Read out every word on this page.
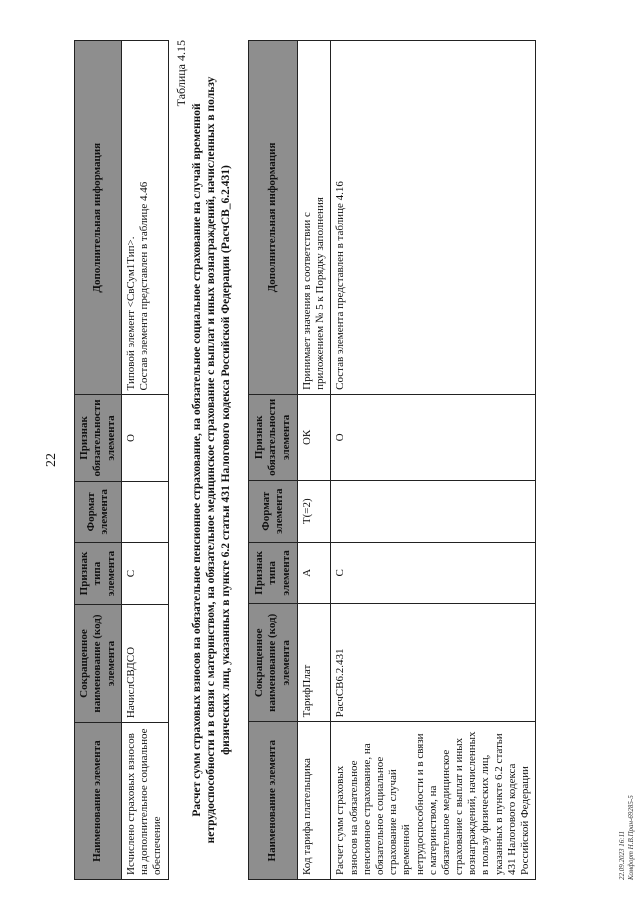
22
Наименование элемента	Сокращенное наименование (код) элемента	Признак типа элемента	Формат элемента	Признак обязательности элемента	Дополнительная информация
Исчислено страховых взносов на дополнительное социальное обеспечение	НачислСВДСО	С		О	Типовой элемент <СвСум1Тип>. Состав элемента представлен в таблице 4.46
Таблица 4.15
Расчет сумм страховых взносов на обязательное пенсионное страхование, на обязательное социальное страхование на случай временной нетрудоспособности и в связи с материнством, на обязательное медицинское страхование с выплат и иных вознаграждений, начисленных в пользу физических лиц, указанных в пункте 6.2 статьи 431 Налогового кодекса Российской Федерации (РасчСВ_6.2.431)
Наименование элемента	Сокращенное наименование (код) элемента	Признак типа элемента	Формат элемента	Признак обязательности элемента	Дополнительная информация
Код тарифа плательщика	ТарифПлат	А	Т(=2)	ОК	Принимает значения в соответствии с приложением № 5 к Порядку заполнения

Расчет сумм страховых взносов на обязательное пенсионное страхование, на обязательное социальное страхование на случай временной нетрудоспособности и в связи с материнством, на обязательное медицинское страхование с выплат и иных вознаграждений, начисленных в пользу физических лиц, указанных в пункте 6.2 статьи 431 Налогового кодекса Российской Федерации	РасчСВ6.2.431	С		О	Состав элемента представлен в таблице 4.16
22.09.2023 16:11 Комфорт Н.В.Пран-69285-5
